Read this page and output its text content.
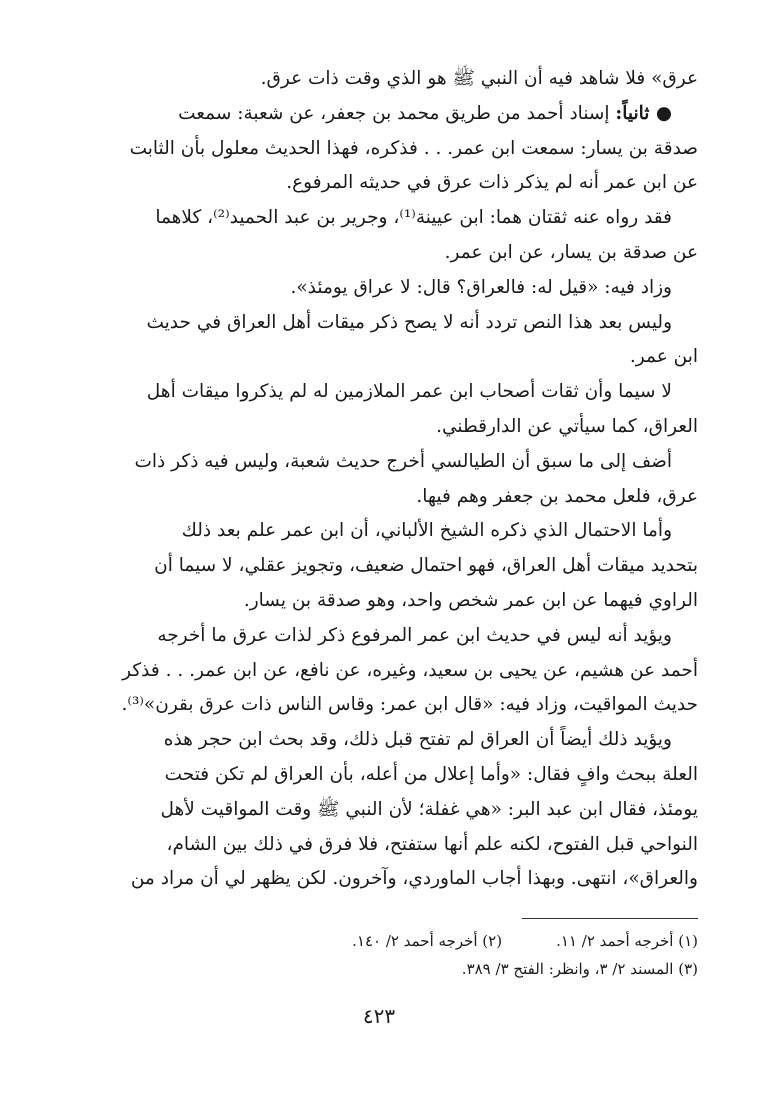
عرق» فلا شاهد فيه أن النبي ﷺ هو الذي وقت ذات عرق.
● ثانياً: إسناد أحمد من طريق محمد بن جعفر، عن شعبة: سمعت
صدقة بن يسار: سمعت ابن عمر. . . فذكره، فهذا الحديث معلول بأن الثابت
عن ابن عمر أنه لم يذكر ذات عرق في حديثه المرفوع.
فقد رواه عنه ثقتان هما: ابن عيينة⁽¹⁾، وجرير بن عبد الحميد⁽²⁾، كلاهما
عن صدقة بن يسار، عن ابن عمر.
وزاد فيه: «قيل له: فالعراق؟ قال: لا عراق يومئذ».
وليس بعد هذا النص تردد أنه لا يصح ذكر ميقات أهل العراق في حديث
ابن عمر.
لا سيما وأن ثقات أصحاب ابن عمر الملازمين له لم يذكروا ميقات أهل
العراق، كما سيأتي عن الدارقطني.
أضف إلى ما سبق أن الطيالسي أخرج حديث شعبة، وليس فيه ذكر ذات
عرق، فلعل محمد بن جعفر وهم فيها.
وأما الاحتمال الذي ذكره الشيخ الألباني، أن ابن عمر علم بعد ذلك
بتحديد ميقات أهل العراق، فهو احتمال ضعيف، وتجويز عقلي، لا سيما أن
الراوي فيهما عن ابن عمر شخص واحد، وهو صدقة بن يسار.
ويؤيد أنه ليس في حديث ابن عمر المرفوع ذكر لذات عرق ما أخرجه
أحمد عن هشيم، عن يحيى بن سعيد، وغيره، عن نافع، عن ابن عمر. . . فذكر
حديث المواقيت، وزاد فيه: «قال ابن عمر: وقاس الناس ذات عرق بقرن»⁽³⁾.
ويؤيد ذلك أيضاً أن العراق لم تفتح قبل ذلك، وقد بحث ابن حجر هذه
العلة ببحث وافٍ فقال: «وأما إعلال من أعله، بأن العراق لم تكن فتحت
يومئذ، فقال ابن عبد البر: «هي غفلة؛ لأن النبي ﷺ وقت المواقيت لأهل
النواحي قبل الفتوح، لكنه علم أنها ستفتح، فلا فرق في ذلك بين الشام،
والعراق»، انتهى. وبهذا أجاب الماوردي، وآخرون. لكن يظهر لي أن مراد من
(١) أخرجه أحمد ٢/ ١١.
(٢) أخرجه أحمد ٢/ ١٤٠.
(٣) المسند ٢/ ٣، وانظر: الفتح ٣/ ٣٨٩.
٤٢٣
